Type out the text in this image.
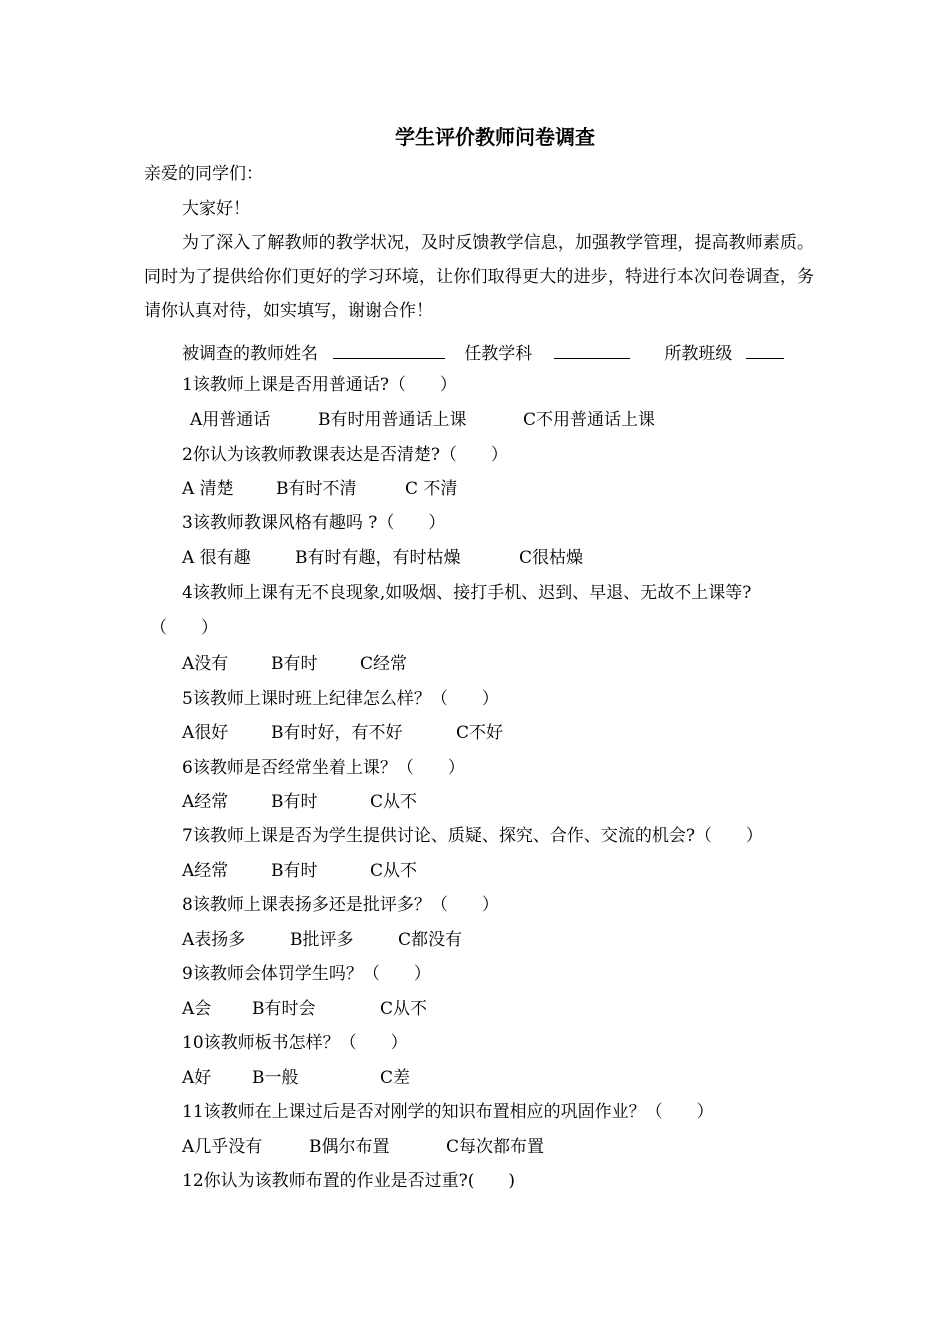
学生评价教师问卷调查
亲爱的同学们：
大家好！
为了深入了解教师的教学状况，及时反馈教学信息，加强教学管理，提高教师素质。同时为了提供给你们更好的学习环境，让你们取得更大的进步，特进行本次问卷调查，务请你认真对待，如实填写，谢谢合作！
被调查的教师姓名	任教学科	所教班级
1该教师上课是否用普通话?（　　）
A用普通话	B有时用普通话上课	C不用普通话上课
2你认为该教师教课表达是否清楚?（　　）
A 清楚 B有时不清	C 不清
3该教师教课风格有趣吗 ?（　　）
A 很有趣	B有时有趣，有时枯燥	C很枯燥
4该教师上课有无不良现象,如吸烟、接打手机、迟到、早退、无故不上课等?
（　　）
A没有	B有时	C经常
5该教师上课时班上纪律怎么样？（　　）
A很好	B有时好，有不好	C不好
6该教师是否经常坐着上课？（　　）
A经常	B有时	C从不
7该教师上课是否为学生提供讨论、质疑、探究、合作、交流的机会?（　　）
A经常	B有时	C从不
8该教师上课表扬多还是批评多？（　　）
A表扬多	B批评多	C都没有
9该教师会体罚学生吗？（　　）
A会 B有时会	C从不
10该教师板书怎样？（　　）
A好 B一般	C差
11该教师在上课过后是否对刚学的知识布置相应的巩固作业？（　　）
A几乎没有	B偶尔布置	C每次都布置
12你认为该教师布置的作业是否过重?(　　)
